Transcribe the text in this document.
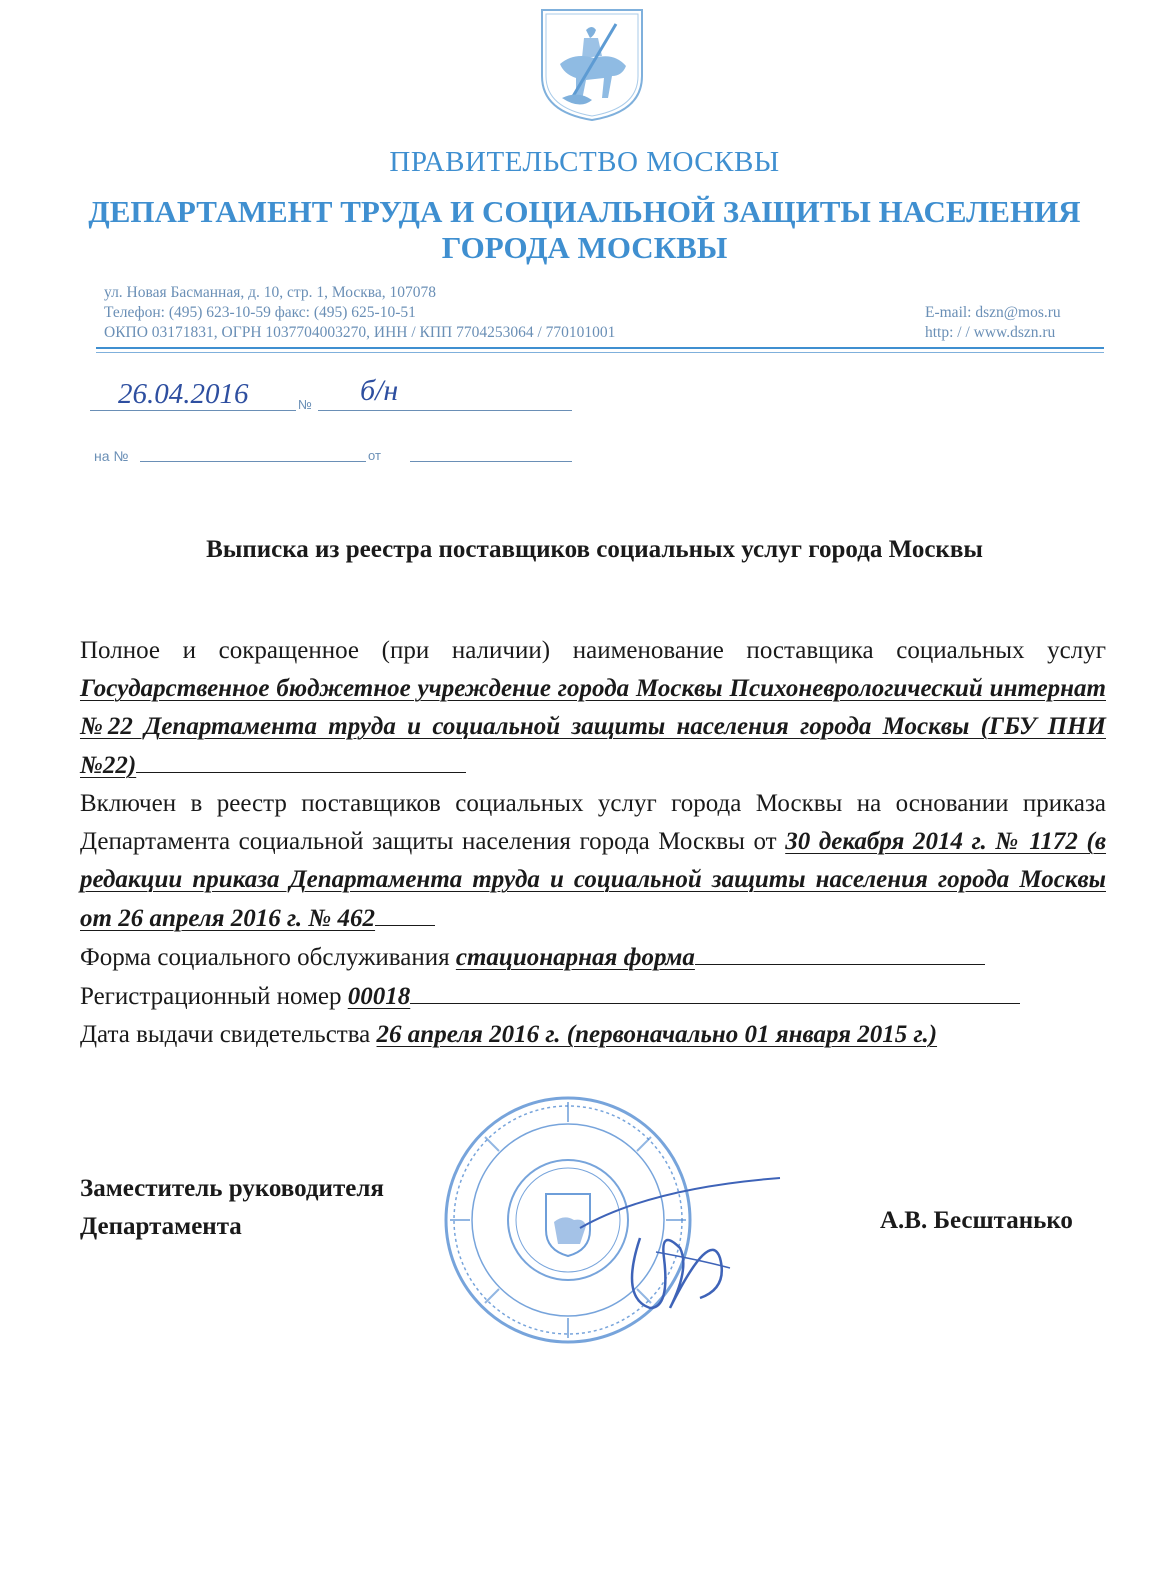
ПРАВИТЕЛЬСТВО МОСКВЫ
ДЕПАРТАМЕНТ ТРУДА И СОЦИАЛЬНОЙ ЗАЩИТЫ НАСЕЛЕНИЯ
ГОРОДА МОСКВЫ
ул. Новая Басманная, д. 10, стр. 1, Москва, 107078
Телефон: (495) 623-10-59 факс: (495) 625-10-51
ОКПО 03171831, ОГРН 1037704003270, ИНН / КПП 7704253064 / 770101001
E-mail: dszn@mos.ru
http: / / www.dszn.ru
26.04.2016	№ б/н
на №	от
Выписка из реестра поставщиков социальных услуг города Москвы

Полное и сокращенное (при наличии) наименование поставщика социальных услуг Государственное бюджетное учреждение города Москвы Психоневрологический интернат №22 Департамента труда и социальной защиты населения города Москвы (ГБУ ПНИ №22)

Включен в реестр поставщиков социальных услуг города Москвы на основании приказа Департамента социальной защиты населения города Москвы от 30 декабря 2014 г. № 1172 (в редакции приказа Департамента труда и социальной защиты населения города Москвы от 26 апреля 2016 г. № 462

Форма социального обслуживания стационарная форма

Регистрационный номер 00018

Дата выдачи свидетельства 26 апреля 2016 г. (первоначально 01 января 2015 г.)

Заместитель руководителя
Департамента	А.В. Бесштанько
